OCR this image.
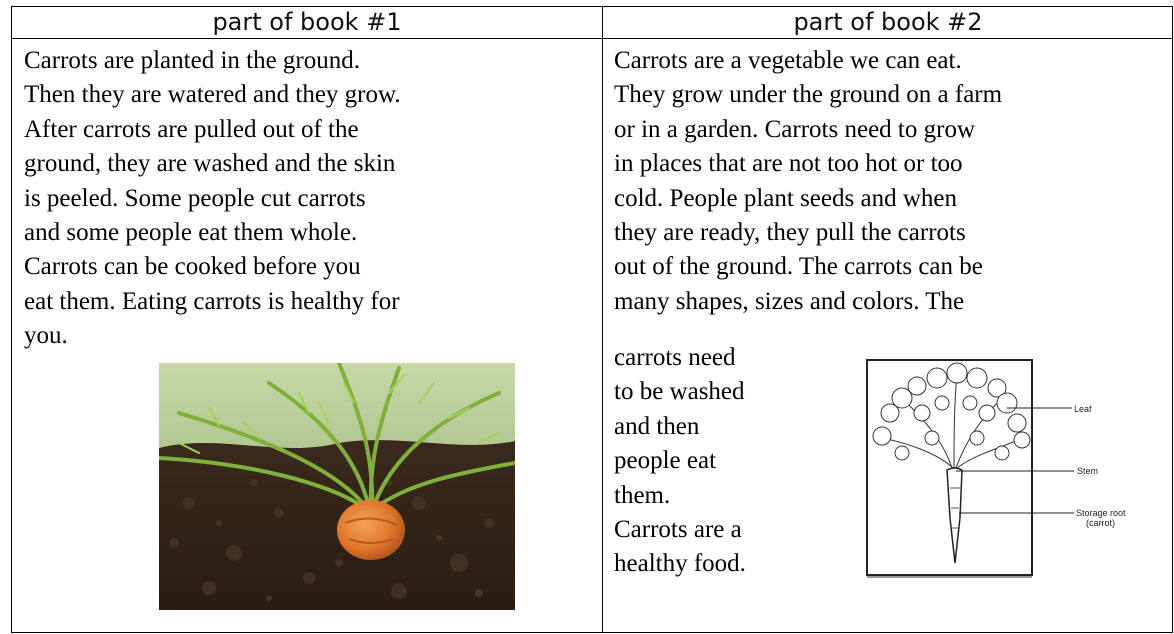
part of book #1	part of book #2
Carrots are planted in the ground.
Then they are watered and they grow.
After carrots are pulled out of the
ground, they are washed and the skin
is peeled. Some people cut carrots
and some people eat them whole.
Carrots can be cooked before you
eat them. Eating carrots is healthy for
you.
Carrots are a vegetable we can eat.
They grow under the ground on a farm
or in a garden. Carrots need to grow
in places that are not too hot or too
cold. People plant seeds and when
they are ready, they pull the carrots
out of the ground. The carrots can be
many shapes, sizes and colors. The
carrots need
to be washed
and then
people eat
them.
Carrots are a
healthy food.
Leaf
Stem
Storage root
(carrot)
